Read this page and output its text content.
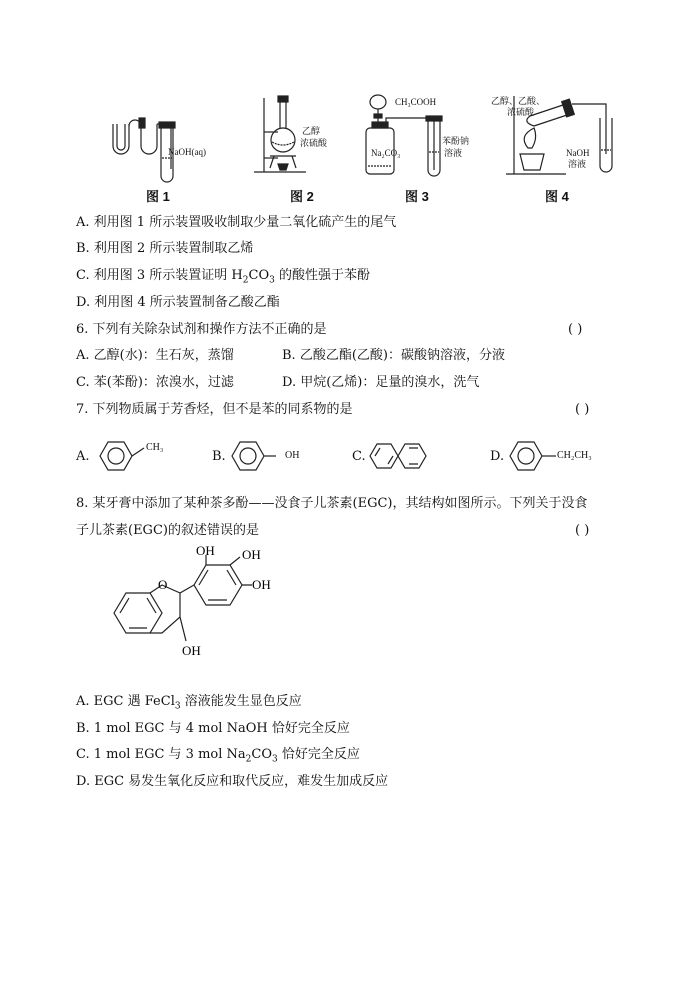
NaOH(aq)
图 1
乙醇
浓硫酸
图 2
CH₃COOH
Na₂CO₃
苯酚钠
溶液
图 3
乙醇、乙酸、
浓硫酸
NaOH
溶液
图 4
A. 利用图 1 所示装置吸收制取少量二氧化硫产生的尾气
B. 利用图 2 所示装置制取乙烯
C. 利用图 3 所示装置证明 $H_2CO_3$ 的酸性强于苯酚
D. 利用图 4 所示装置制备乙酸乙酯
6. 下列有关除杂试剂和操作方法不正确的是	( )
A. 乙醇(水)：生石灰，蒸馏	B. 乙酸乙酯(乙酸)：碳酸钠溶液，分液
C. 苯(苯酚)：浓溴水，过滤	D. 甲烷(乙烯)：足量的溴水，洗气
7. 下列物质属于芳香烃，但不是苯的同系物的是	( )
A.
CH₃
B.	OH	C.	D.	CH₂CH₃
8. 某牙膏中添加了某种茶多酚——没食子儿茶素(EGC)，其结构如图所示。下列关于没食
子儿茶素(EGC)的叙述错误的是	( )
O
OH OH
OH
OH
A. EGC 遇 FeCl$_3$ 溶液能发生显色反应
B. 1 mol EGC 与 4 mol NaOH 恰好完全反应
C. 1 mol EGC 与 3 mol $Na_2CO_3$ 恰好完全反应
D. EGC 易发生氧化反应和取代反应，难发生加成反应
